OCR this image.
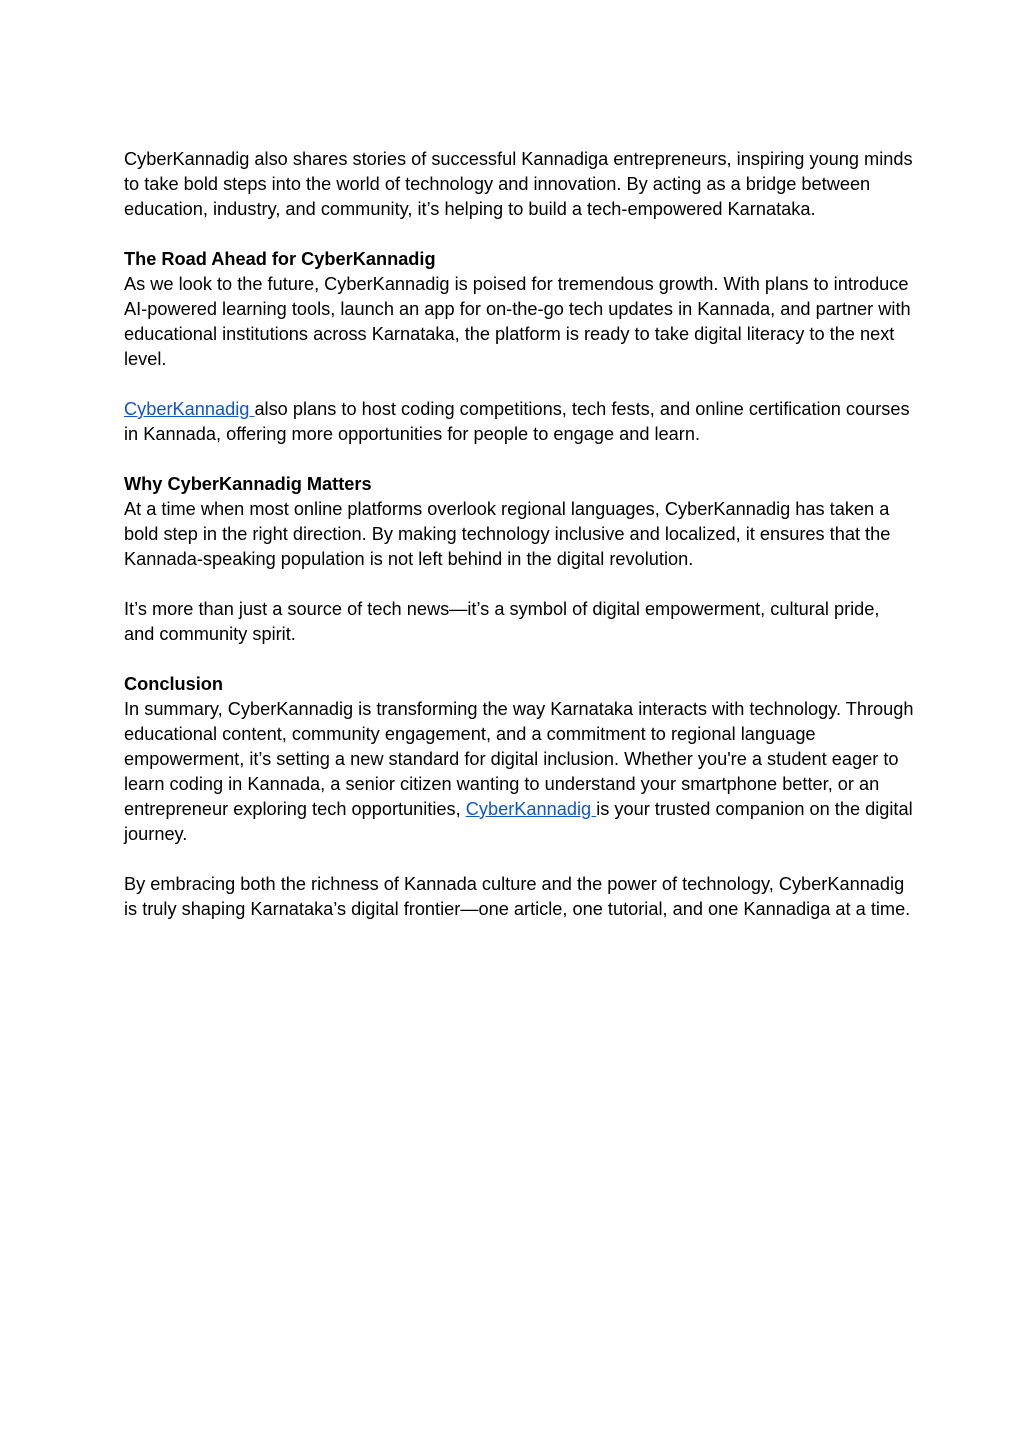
CyberKannadig also shares stories of successful Kannadiga entrepreneurs, inspiring young minds to take bold steps into the world of technology and innovation. By acting as a bridge between education, industry, and community, it’s helping to build a tech-empowered Karnataka.

The Road Ahead for CyberKannadig
As we look to the future, CyberKannadig is poised for tremendous growth. With plans to introduce AI-powered learning tools, launch an app for on-the-go tech updates in Kannada, and partner with educational institutions across Karnataka, the platform is ready to take digital literacy to the next level.

CyberKannadig also plans to host coding competitions, tech fests, and online certification courses in Kannada, offering more opportunities for people to engage and learn.

Why CyberKannadig Matters
At a time when most online platforms overlook regional languages, CyberKannadig has taken a bold step in the right direction. By making technology inclusive and localized, it ensures that the Kannada-speaking population is not left behind in the digital revolution.

It’s more than just a source of tech news—it’s a symbol of digital empowerment, cultural pride, and community spirit.

Conclusion
In summary, CyberKannadig is transforming the way Karnataka interacts with technology. Through educational content, community engagement, and a commitment to regional language empowerment, it’s setting a new standard for digital inclusion. Whether you're a student eager to learn coding in Kannada, a senior citizen wanting to understand your smartphone better, or an entrepreneur exploring tech opportunities, CyberKannadig is your trusted companion on the digital journey.

By embracing both the richness of Kannada culture and the power of technology, CyberKannadig is truly shaping Karnataka’s digital frontier—one article, one tutorial, and one Kannadiga at a time.
